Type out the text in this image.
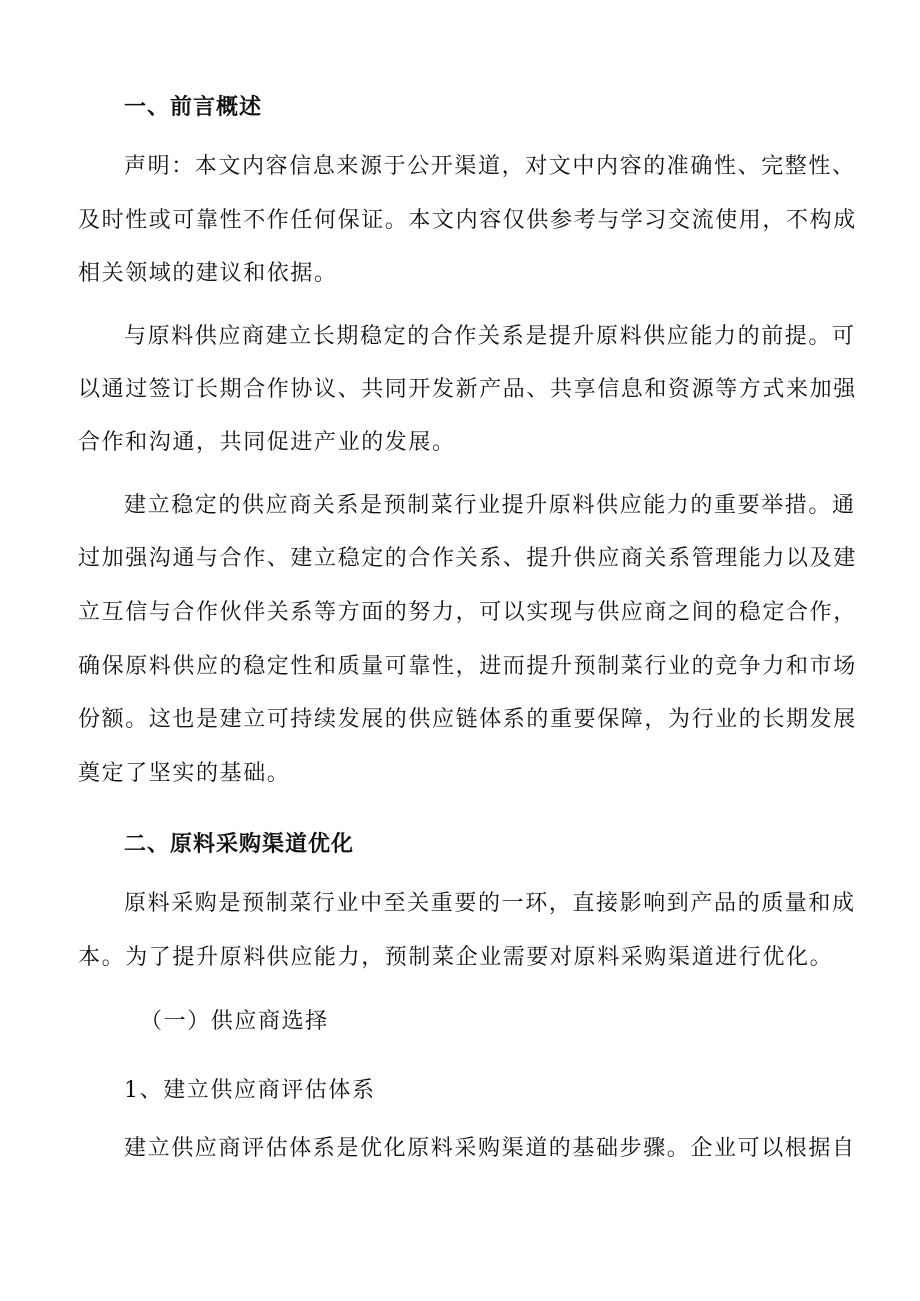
一、前言概述
声明：本文内容信息来源于公开渠道，对文中内容的准确性、完整性、
及时性或可靠性不作任何保证。本文内容仅供参考与学习交流使用，不构成
相关领域的建议和依据。
与原料供应商建立长期稳定的合作关系是提升原料供应能力的前提。可
以通过签订长期合作协议、共同开发新产品、共享信息和资源等方式来加强
合作和沟通，共同促进产业的发展。
建立稳定的供应商关系是预制菜行业提升原料供应能力的重要举措。通
过加强沟通与合作、建立稳定的合作关系、提升供应商关系管理能力以及建
立互信与合作伙伴关系等方面的努力，可以实现与供应商之间的稳定合作，
确保原料供应的稳定性和质量可靠性，进而提升预制菜行业的竞争力和市场
份额。这也是建立可持续发展的供应链体系的重要保障，为行业的长期发展
奠定了坚实的基础。
二、原料采购渠道优化
原料采购是预制菜行业中至关重要的一环，直接影响到产品的质量和成
本。为了提升原料供应能力，预制菜企业需要对原料采购渠道进行优化。
（一）供应商选择
1、建立供应商评估体系
建立供应商评估体系是优化原料采购渠道的基础步骤。企业可以根据自
